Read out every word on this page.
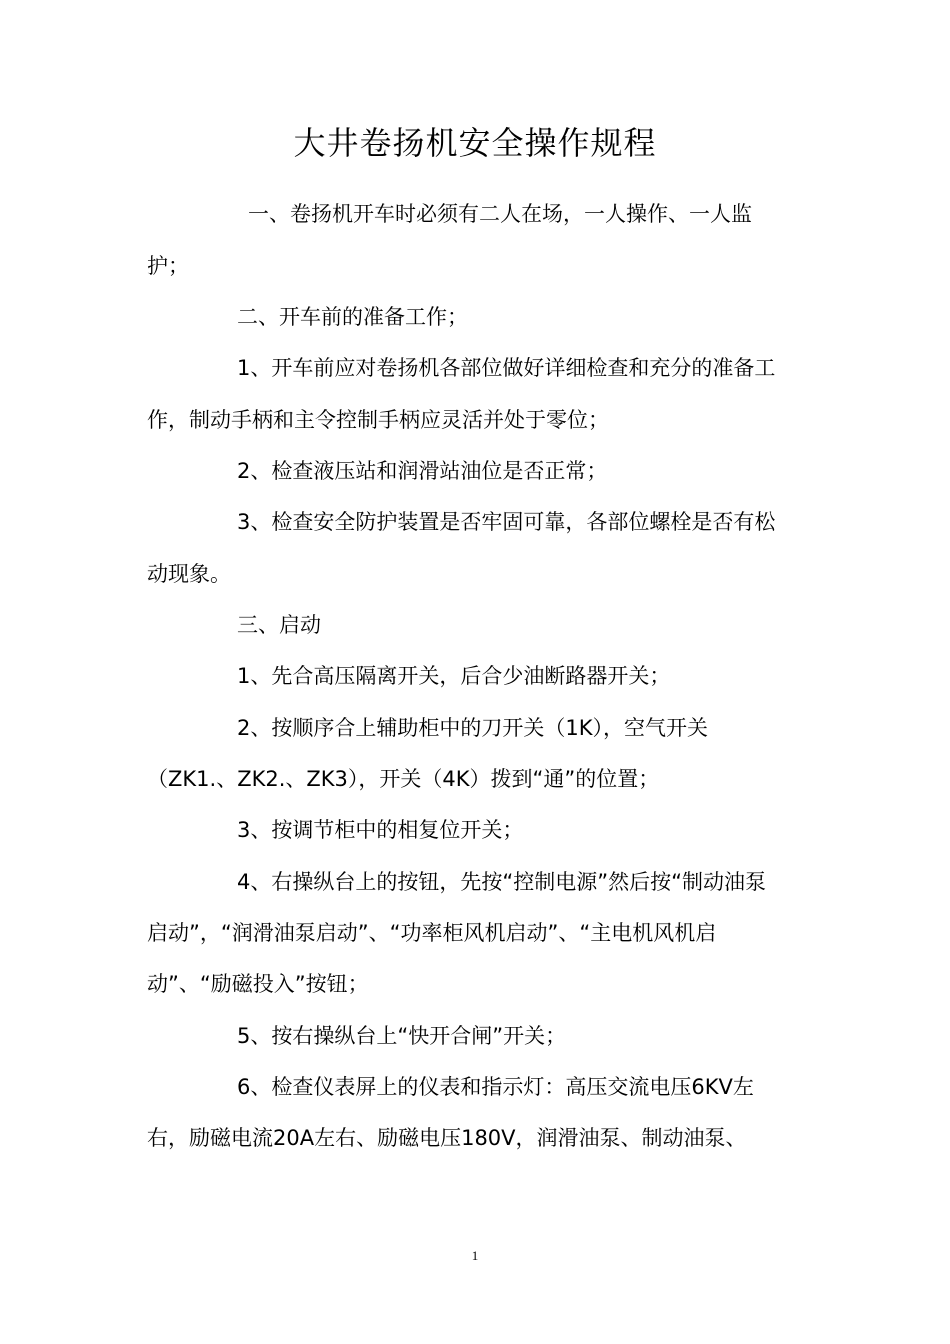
大井卷扬机安全操作规程

一、卷扬机开车时必须有二人在场，一人操作、一人监

护；

二、开车前的准备工作；

1、开车前应对卷扬机各部位做好详细检查和充分的准备工

作，制动手柄和主令控制手柄应灵活并处于零位；

2、检查液压站和润滑站油位是否正常；

3、检查安全防护装置是否牢固可靠，各部位螺栓是否有松

动现象。

三、启动

1、先合高压隔离开关，后合少油断路器开关；

2、按顺序合上辅助柜中的刀开关（1K），空气开关

（ZK1.、ZK2.、ZK3），开关（4K）拨到“通”的位置；

3、按调节柜中的相复位开关；

4、右操纵台上的按钮，先按“控制电源”然后按“制动油泵

启动”，“润滑油泵启动”、“功率柜风机启动”、“主电机风机启

动”、“励磁投入”按钮；

5、按右操纵台上“快开合闸”开关；

6、检查仪表屏上的仪表和指示灯：高压交流电压6KV左

右，励磁电流20A左右、励磁电压180V，润滑油泵、制动油泵、

1
